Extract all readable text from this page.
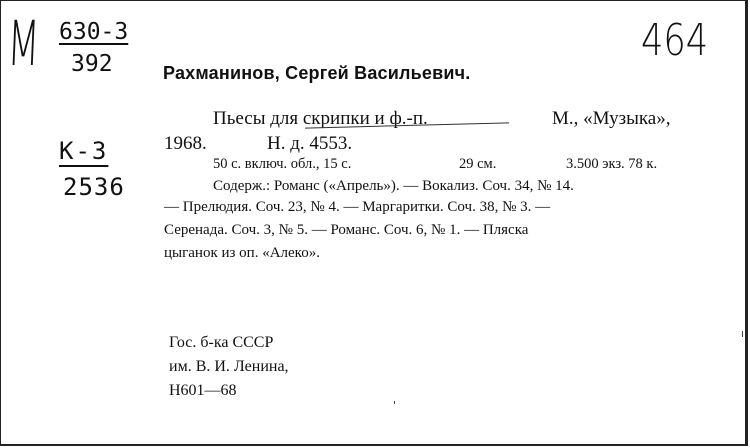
M 630-3
392
К-3
2536
464
Рахманинов, Сергей Васильевич.
Пьесы для скрипки и ф.-п.	М., «Музыка»,
1968.	Н. д. 4553.
50 с. включ. обл., 15 с.	29 см.	3.500 экз. 78 к.
Содерж.: Романс («Апрель»). — Вокализ. Соч. 34, № 14.
— Прелюдия. Соч. 23, № 4. — Маргаритки. Соч. 38, № 3. —
Серенада. Соч. 3, № 5. — Романс. Соч. 6, № 1. — Пляска
цыганок из оп. «Алеко».
Гос. б-ка СССР
им. В. И. Ленина,
Н601—68
